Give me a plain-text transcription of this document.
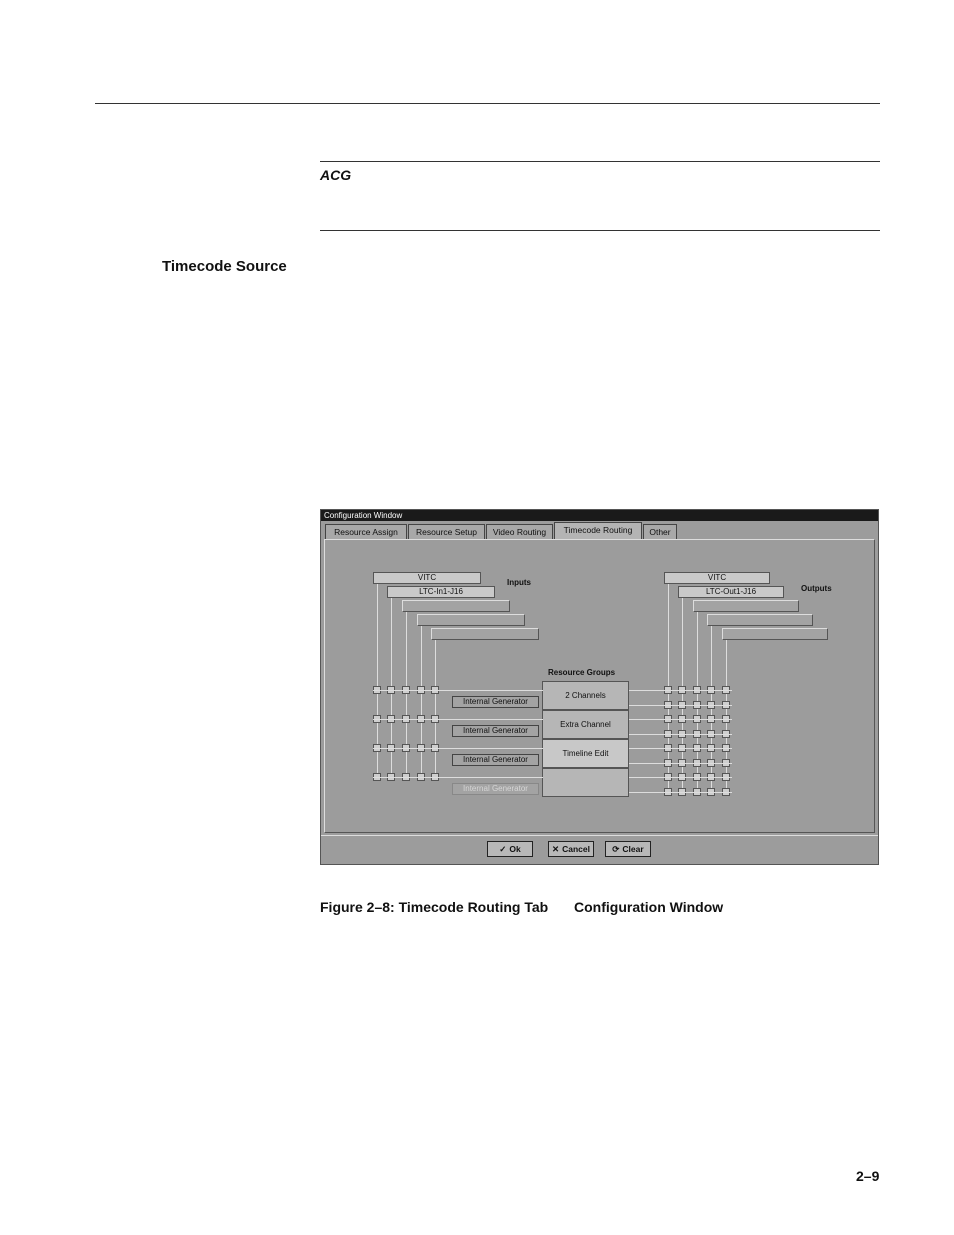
ACG
Timecode Source
Configuration Window
Resource Assign	Resource Setup	Video Routing	Timecode Routing	Other
VITC
LTC-In1-J16
Inputs
VITC
LTC-Out1-J16	Outputs
Resource Groups
2 Channels
Extra Channel
Timeline Edit
Internal Generator
Internal Generator
Internal Generator
Internal Generator
✓ Ok	✕ Cancel	⟳ Clear
Figure 2–8: Timecode Routing Tab Configuration Window
2–9
